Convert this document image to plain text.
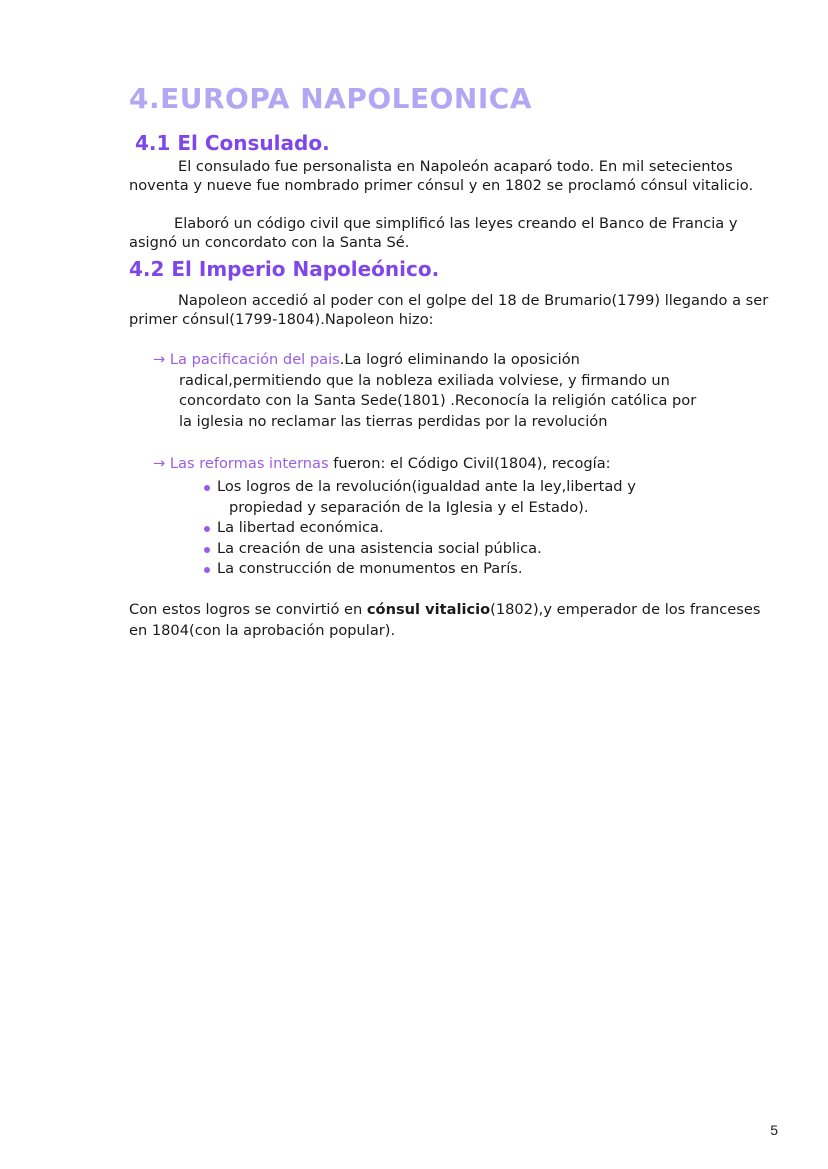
4.EUROPA NAPOLEONICA
4.1 El Consulado.

El consulado fue personalista en Napoleón acaparó todo. En mil setecientos noventa y nueve fue nombrado primer cónsul y en 1802 se proclamó cónsul vitalicio.

Elaboró un código civil que simplificó las leyes creando el Banco de Francia y asignó un concordato con la Santa Sé.

4.2 El Imperio Napoleónico.

Napoleon accedió al poder con el golpe del 18 de Brumario(1799) llegando a ser primer cónsul(1799-1804).Napoleon hizo:

→ La pacificación del pais.La logró eliminando la oposición
radical,permitiendo que la nobleza exiliada volviese, y firmando un
concordato con la Santa Sede(1801) .Reconocía la religión católica por
la iglesia no reclamar las tierras perdidas por la revolución
→ Las reformas internas fueron: el Código Civil(1804), recogía:
Los logros de la revolución(igualdad ante la ley,libertad y
propiedad y separación de la Iglesia y el Estado).
La libertad económica.
La creación de una asistencia social pública.
La construcción de monumentos en París.

Con estos logros se convirtió en cónsul vitalicio(1802),y emperador de los franceses en 1804(con la aprobación popular).

5
